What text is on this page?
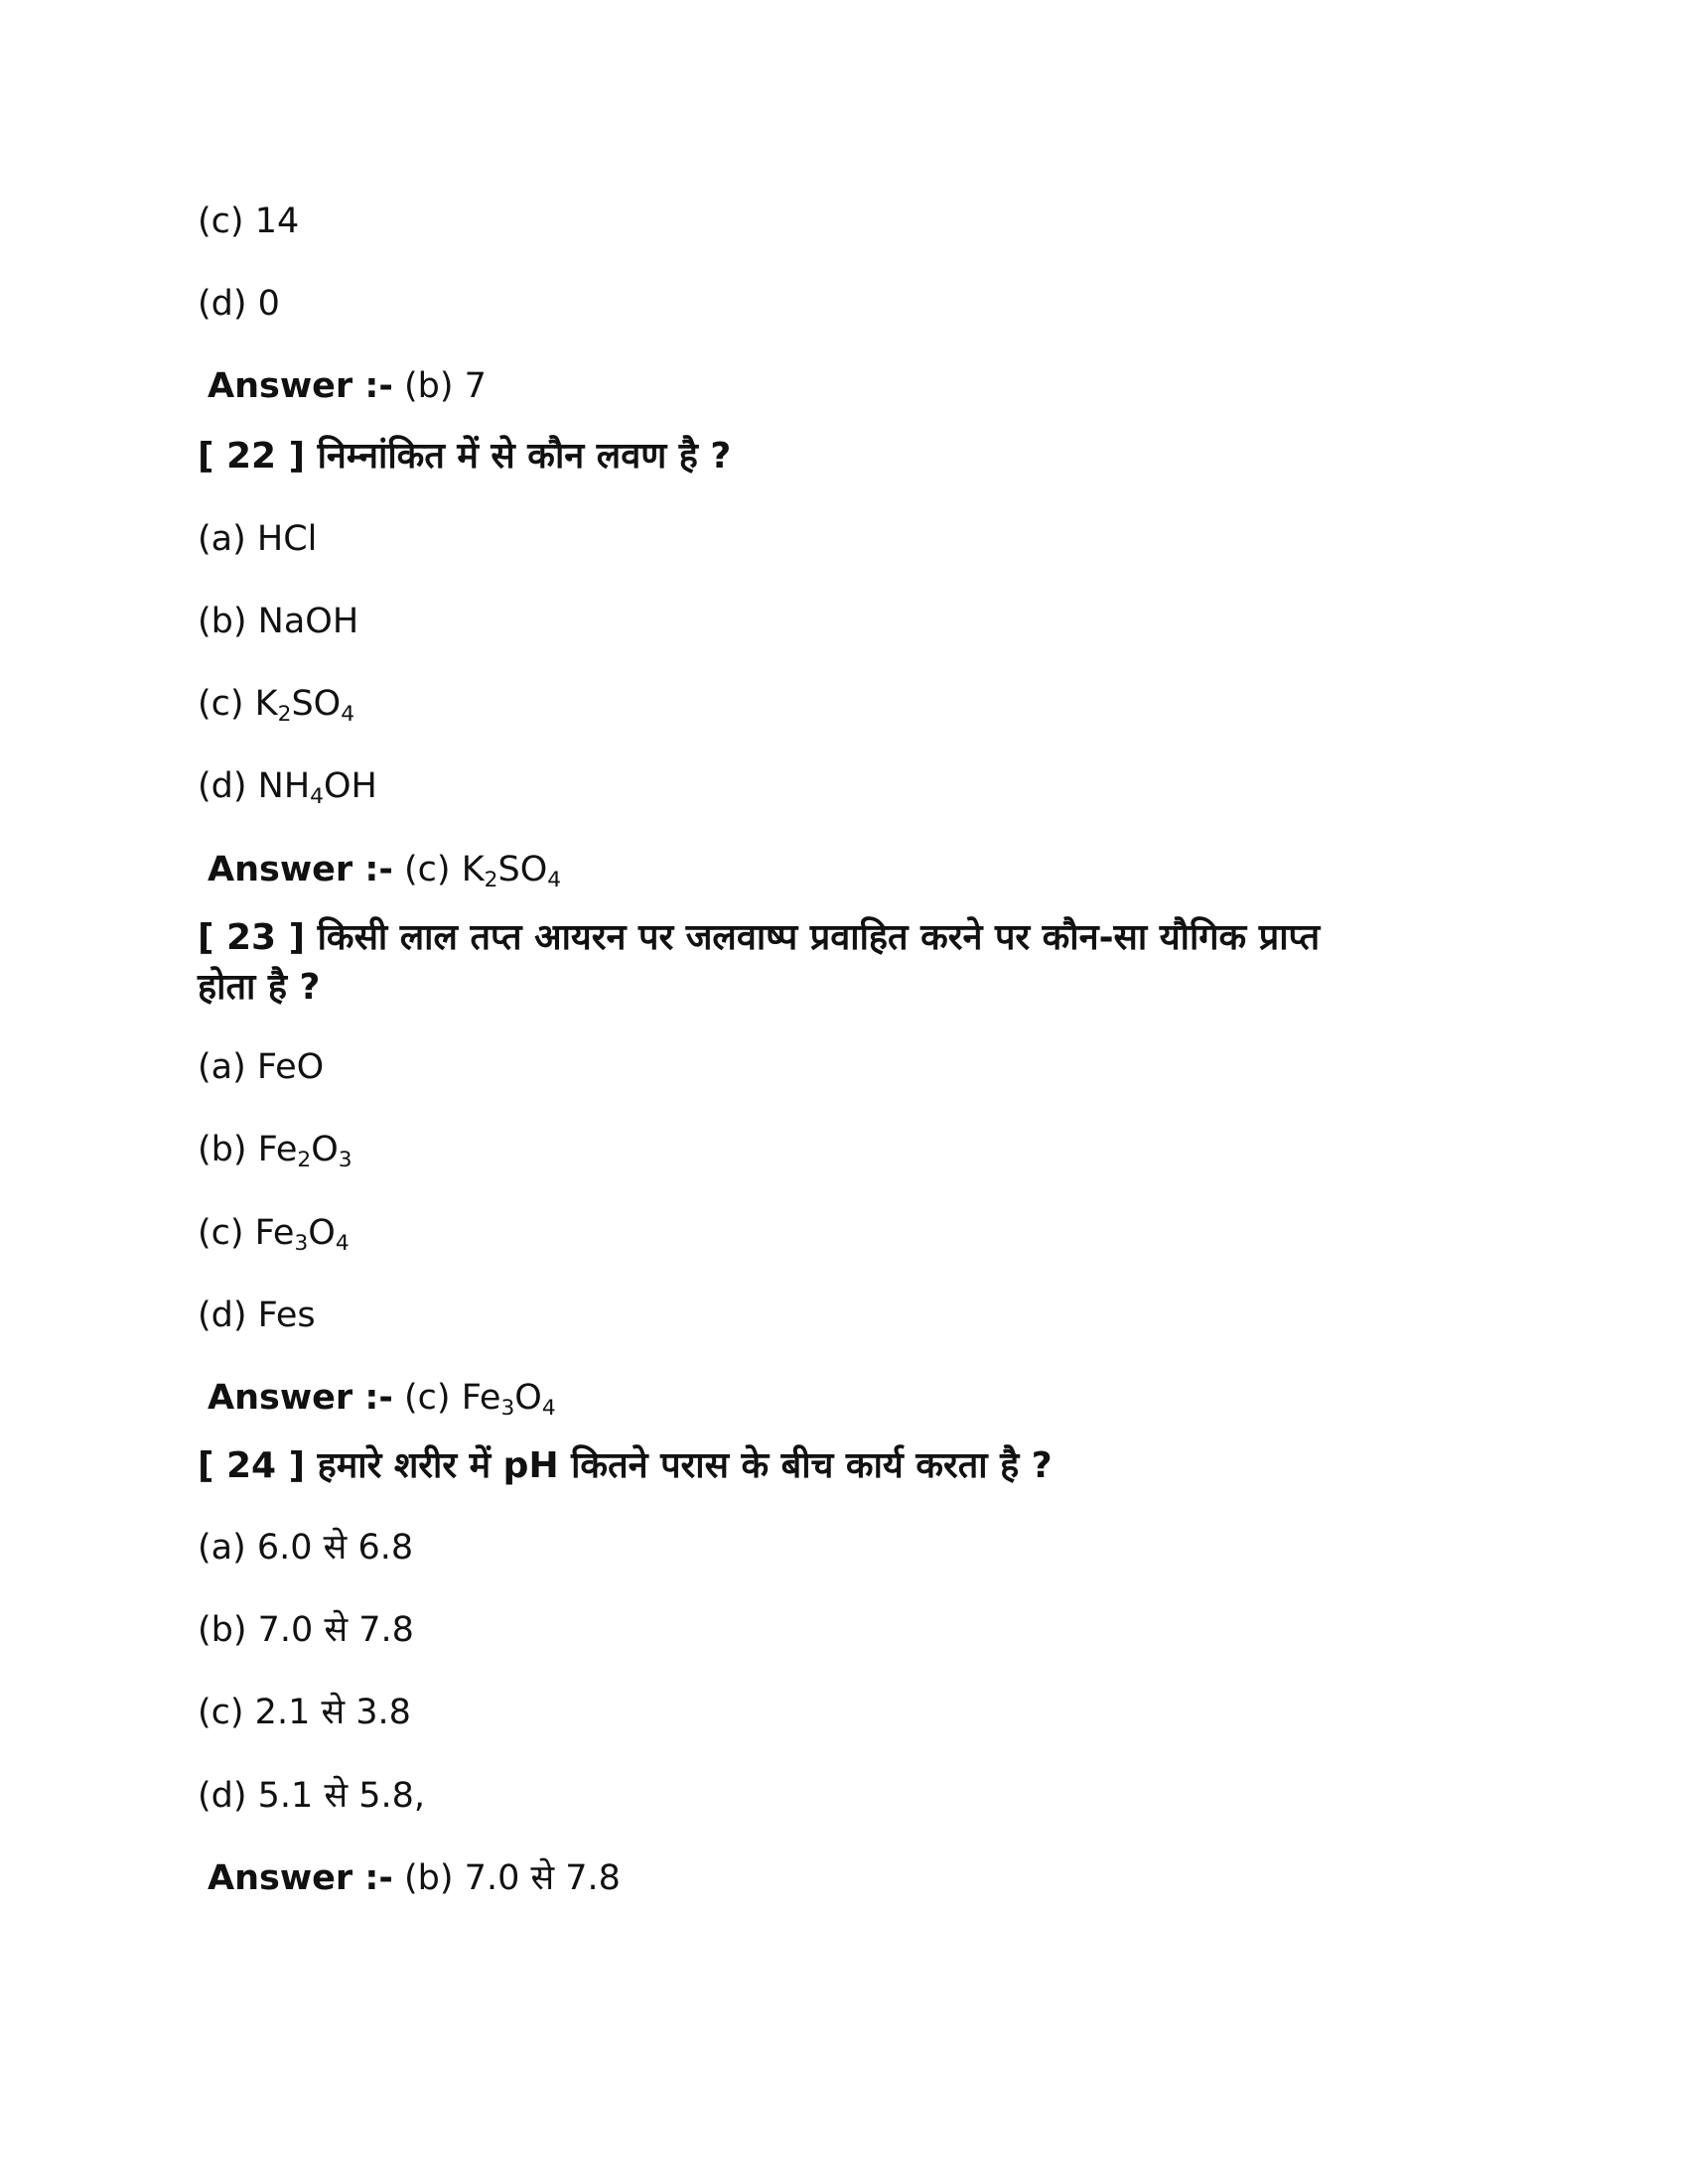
(c) 14
(d) 0
Answer :- (b) 7
[ 22 ] निम्नांकित में से कौन लवण है ?
(a) HCl
(b) NaOH
(c) $K_2SO_4$
(d) $NH_4OH$
Answer :- (c) $K_2SO_4$
[ 23 ] किसी लाल तप्त आयरन पर जलवाष्प प्रवाहित करने पर कौन-सा यौगिक प्राप्त
होता है ?
(a) FeO
(b) $Fe_2O_3$
(c) $Fe_3O_4$
(d) Fes
Answer :- (c) $Fe_3O_4$
[ 24 ] हमारे शरीर में pH कितने परास के बीच कार्य करता है ?
(a) 6.0 से 6.8
(b) 7.0 से 7.8
(c) 2.1 से 3.8
(d) 5.1 से 5.8,
Answer :- (b) 7.0 से 7.8
